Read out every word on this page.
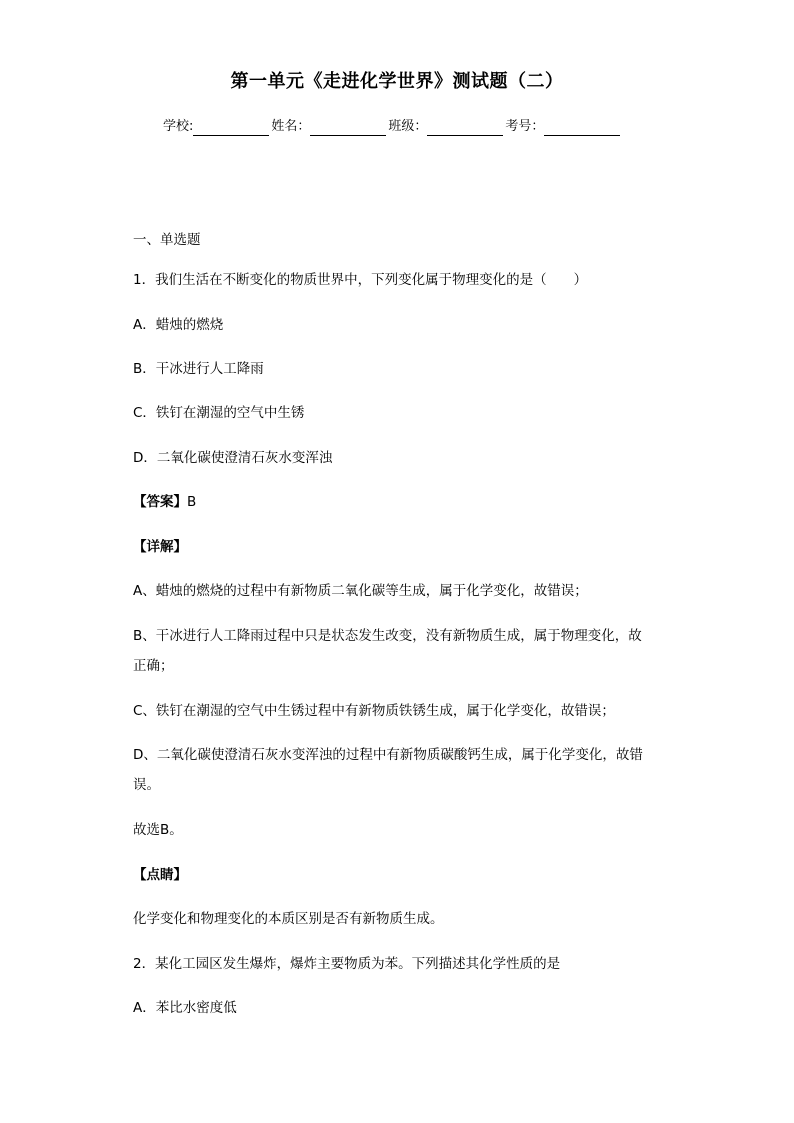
第一单元《走进化学世界》测试题（二）
学校:	姓名：	班级：	考号：
一、单选题
1．我们生活在不断变化的物质世界中，下列变化属于物理变化的是（　　）
A．蜡烛的燃烧
B．干冰进行人工降雨
C．铁钉在潮湿的空气中生锈
D．二氧化碳使澄清石灰水变浑浊
【答案】B
【详解】
A、蜡烛的燃烧的过程中有新物质二氧化碳等生成，属于化学变化，故错误；
B、干冰进行人工降雨过程中只是状态发生改变，没有新物质生成，属于物理变化，故
正确；
C、铁钉在潮湿的空气中生锈过程中有新物质铁锈生成，属于化学变化，故错误；
D、二氧化碳使澄清石灰水变浑浊的过程中有新物质碳酸钙生成，属于化学变化，故错
误。
故选B。
【点睛】
化学变化和物理变化的本质区别是否有新物质生成。
2．某化工园区发生爆炸，爆炸主要物质为苯。下列描述其化学性质的是
A．苯比水密度低
